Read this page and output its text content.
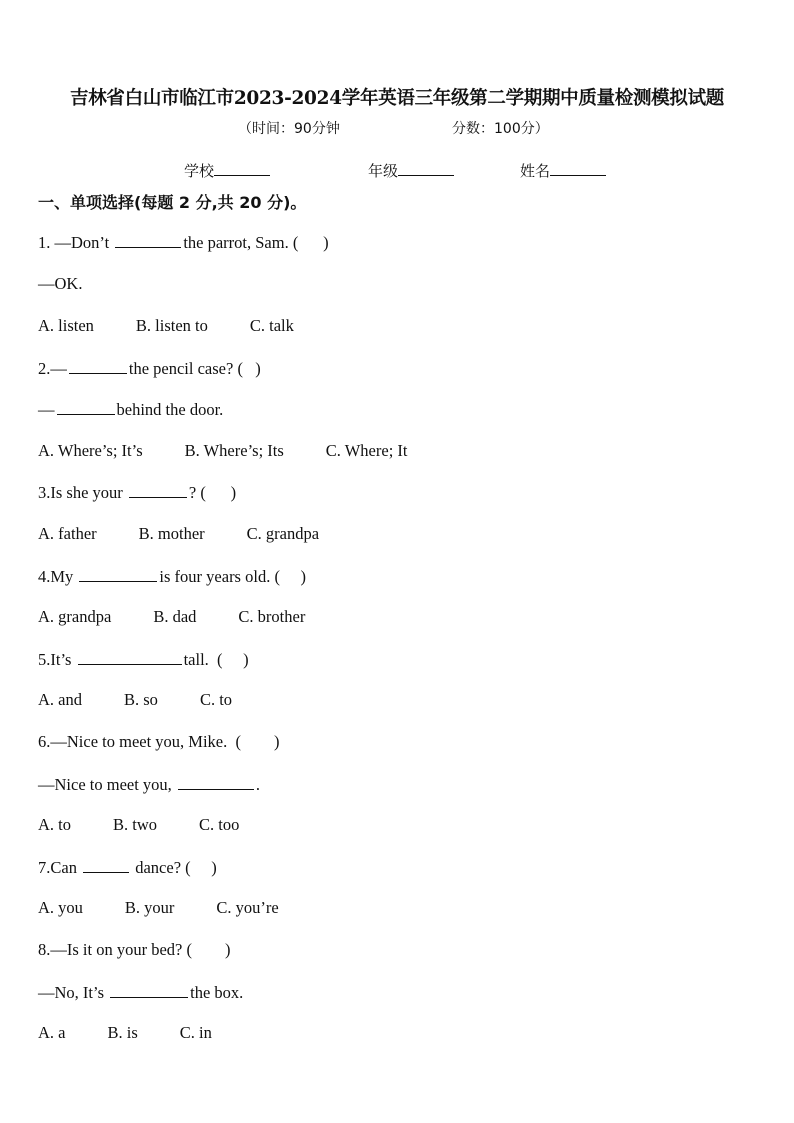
吉林省白山市临江市2023-2024学年英语三年级第二学期期中质量检测模拟试题
（时间：90分钟	分数：100分）
学校	年级	姓名
一、单项选择(每题 2 分,共 20 分)。
1. —Don’t	the parrot, Sam. (      )
—OK.
A. listen	B. listen to	C. talk
2.—	the pencil case? (   )
—	behind the door.
A. Where’s; It’s	B. Where’s; Its	C. Where; It
3.Is she your	? (      )
A. father	B. mother	C. grandpa
4.My	is four years old. (     )
A. grandpa	B. dad	C. brother
5.It’s	tall.  (     )
A. and	B. so	C. to
6.—Nice to meet you, Mike.  (        )
—Nice to meet you,	.
A. to	B. two	C. too
7.Can	dance? (     )
A. you	B. your	C. you’re
8.—Is it on your bed? (        )
—No, It’s	the box.
A. a	B. is	C. in
